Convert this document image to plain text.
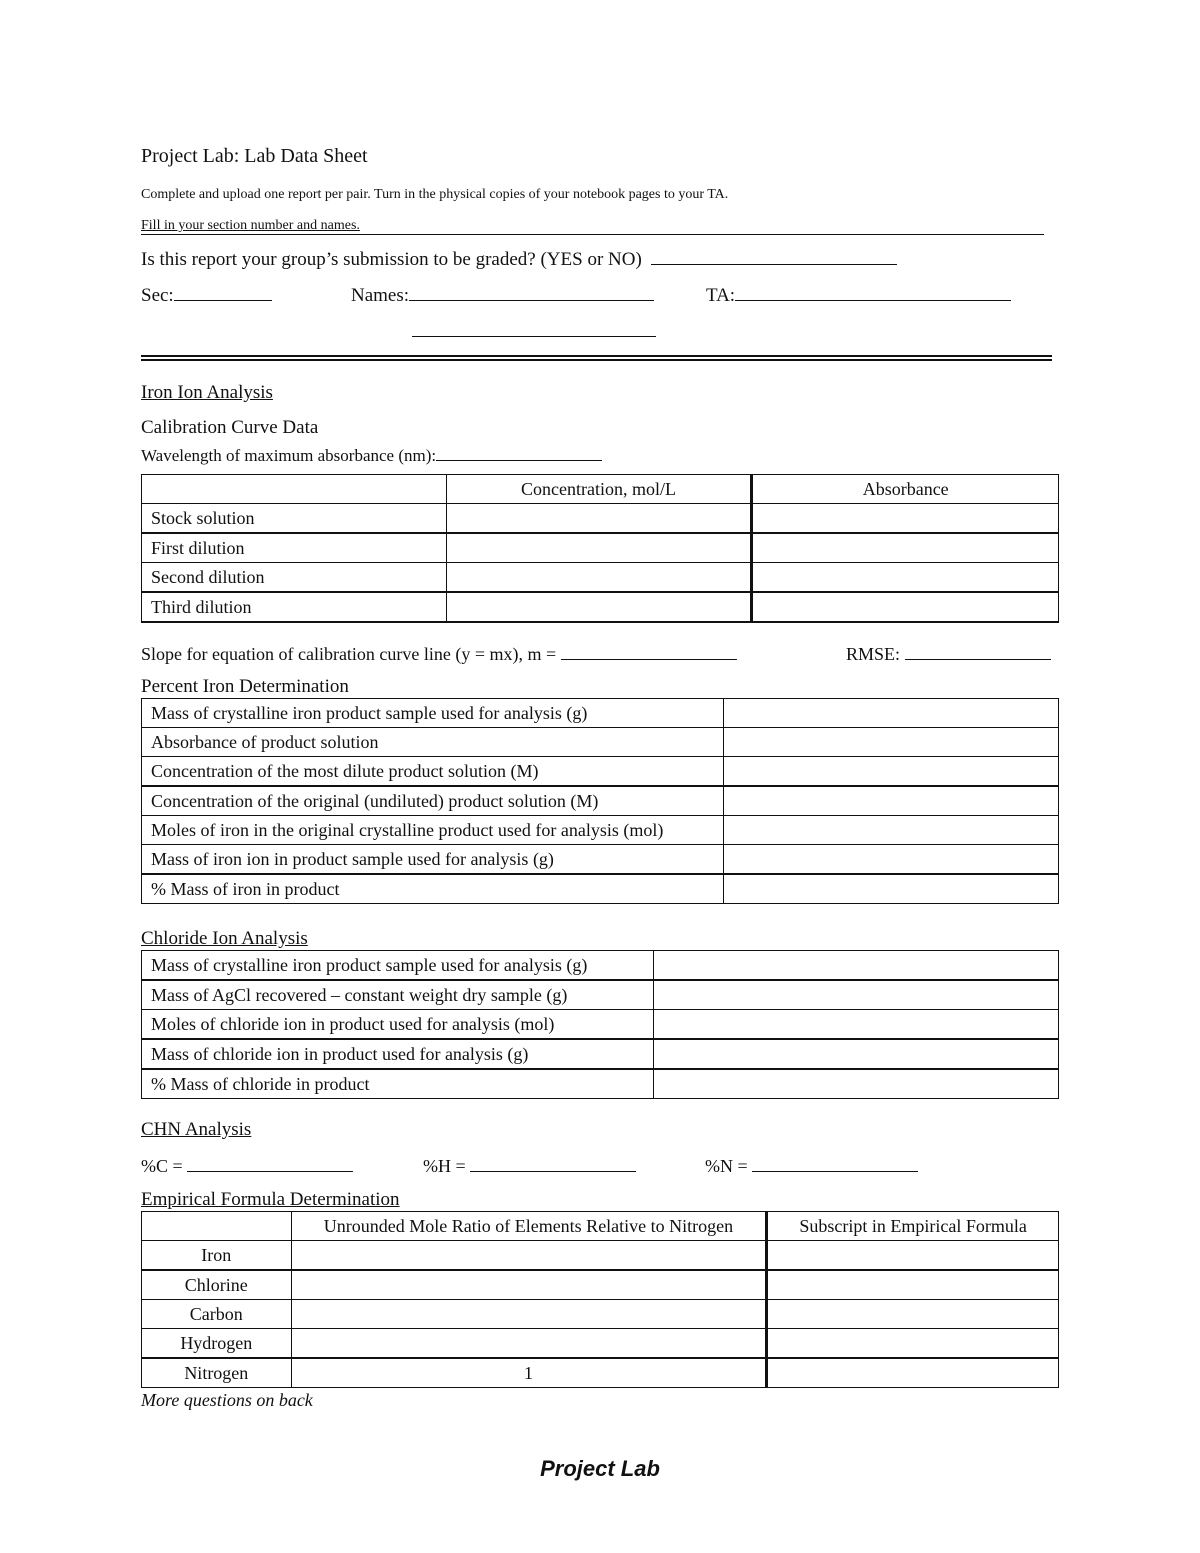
Project Lab: Lab Data Sheet
Complete and upload one report per pair. Turn in the physical copies of your notebook pages to your TA.
Fill in your section number and names.
Is this report your group’s submission to be graded? (YES or NO)
Sec:	Names:	TA:
Iron Ion Analysis
Calibration Curve Data
Wavelength of maximum absorbance (nm):
	Concentration, mol/L	Absorbance
Stock solution		
First dilution		
Second dilution		
Third dilution		
Slope for equation of calibration curve line (y = mx), m =	RMSE:
Percent Iron Determination
Mass of crystalline iron product sample used for analysis (g)	
Absorbance of product solution	
Concentration of the most dilute product solution (M)	
Concentration of the original (undiluted) product solution (M)	
Moles of iron in the original crystalline product used for analysis (mol)	
Mass of iron ion in product sample used for analysis (g)	
% Mass of iron in product	
Chloride Ion Analysis
Mass of crystalline iron product sample used for analysis (g)	
Mass of AgCl recovered – constant weight dry sample (g)	
Moles of chloride ion in product used for analysis (mol)	
Mass of chloride ion in product used for analysis (g)	
% Mass of chloride in product	
CHN Analysis
%C =	%H =	%N =
Empirical Formula Determination
	Unrounded Mole Ratio of Elements Relative to Nitrogen	Subscript in Empirical Formula
Iron		
Chlorine		
Carbon		
Hydrogen		
Nitrogen	1	
More questions on back
Project Lab
